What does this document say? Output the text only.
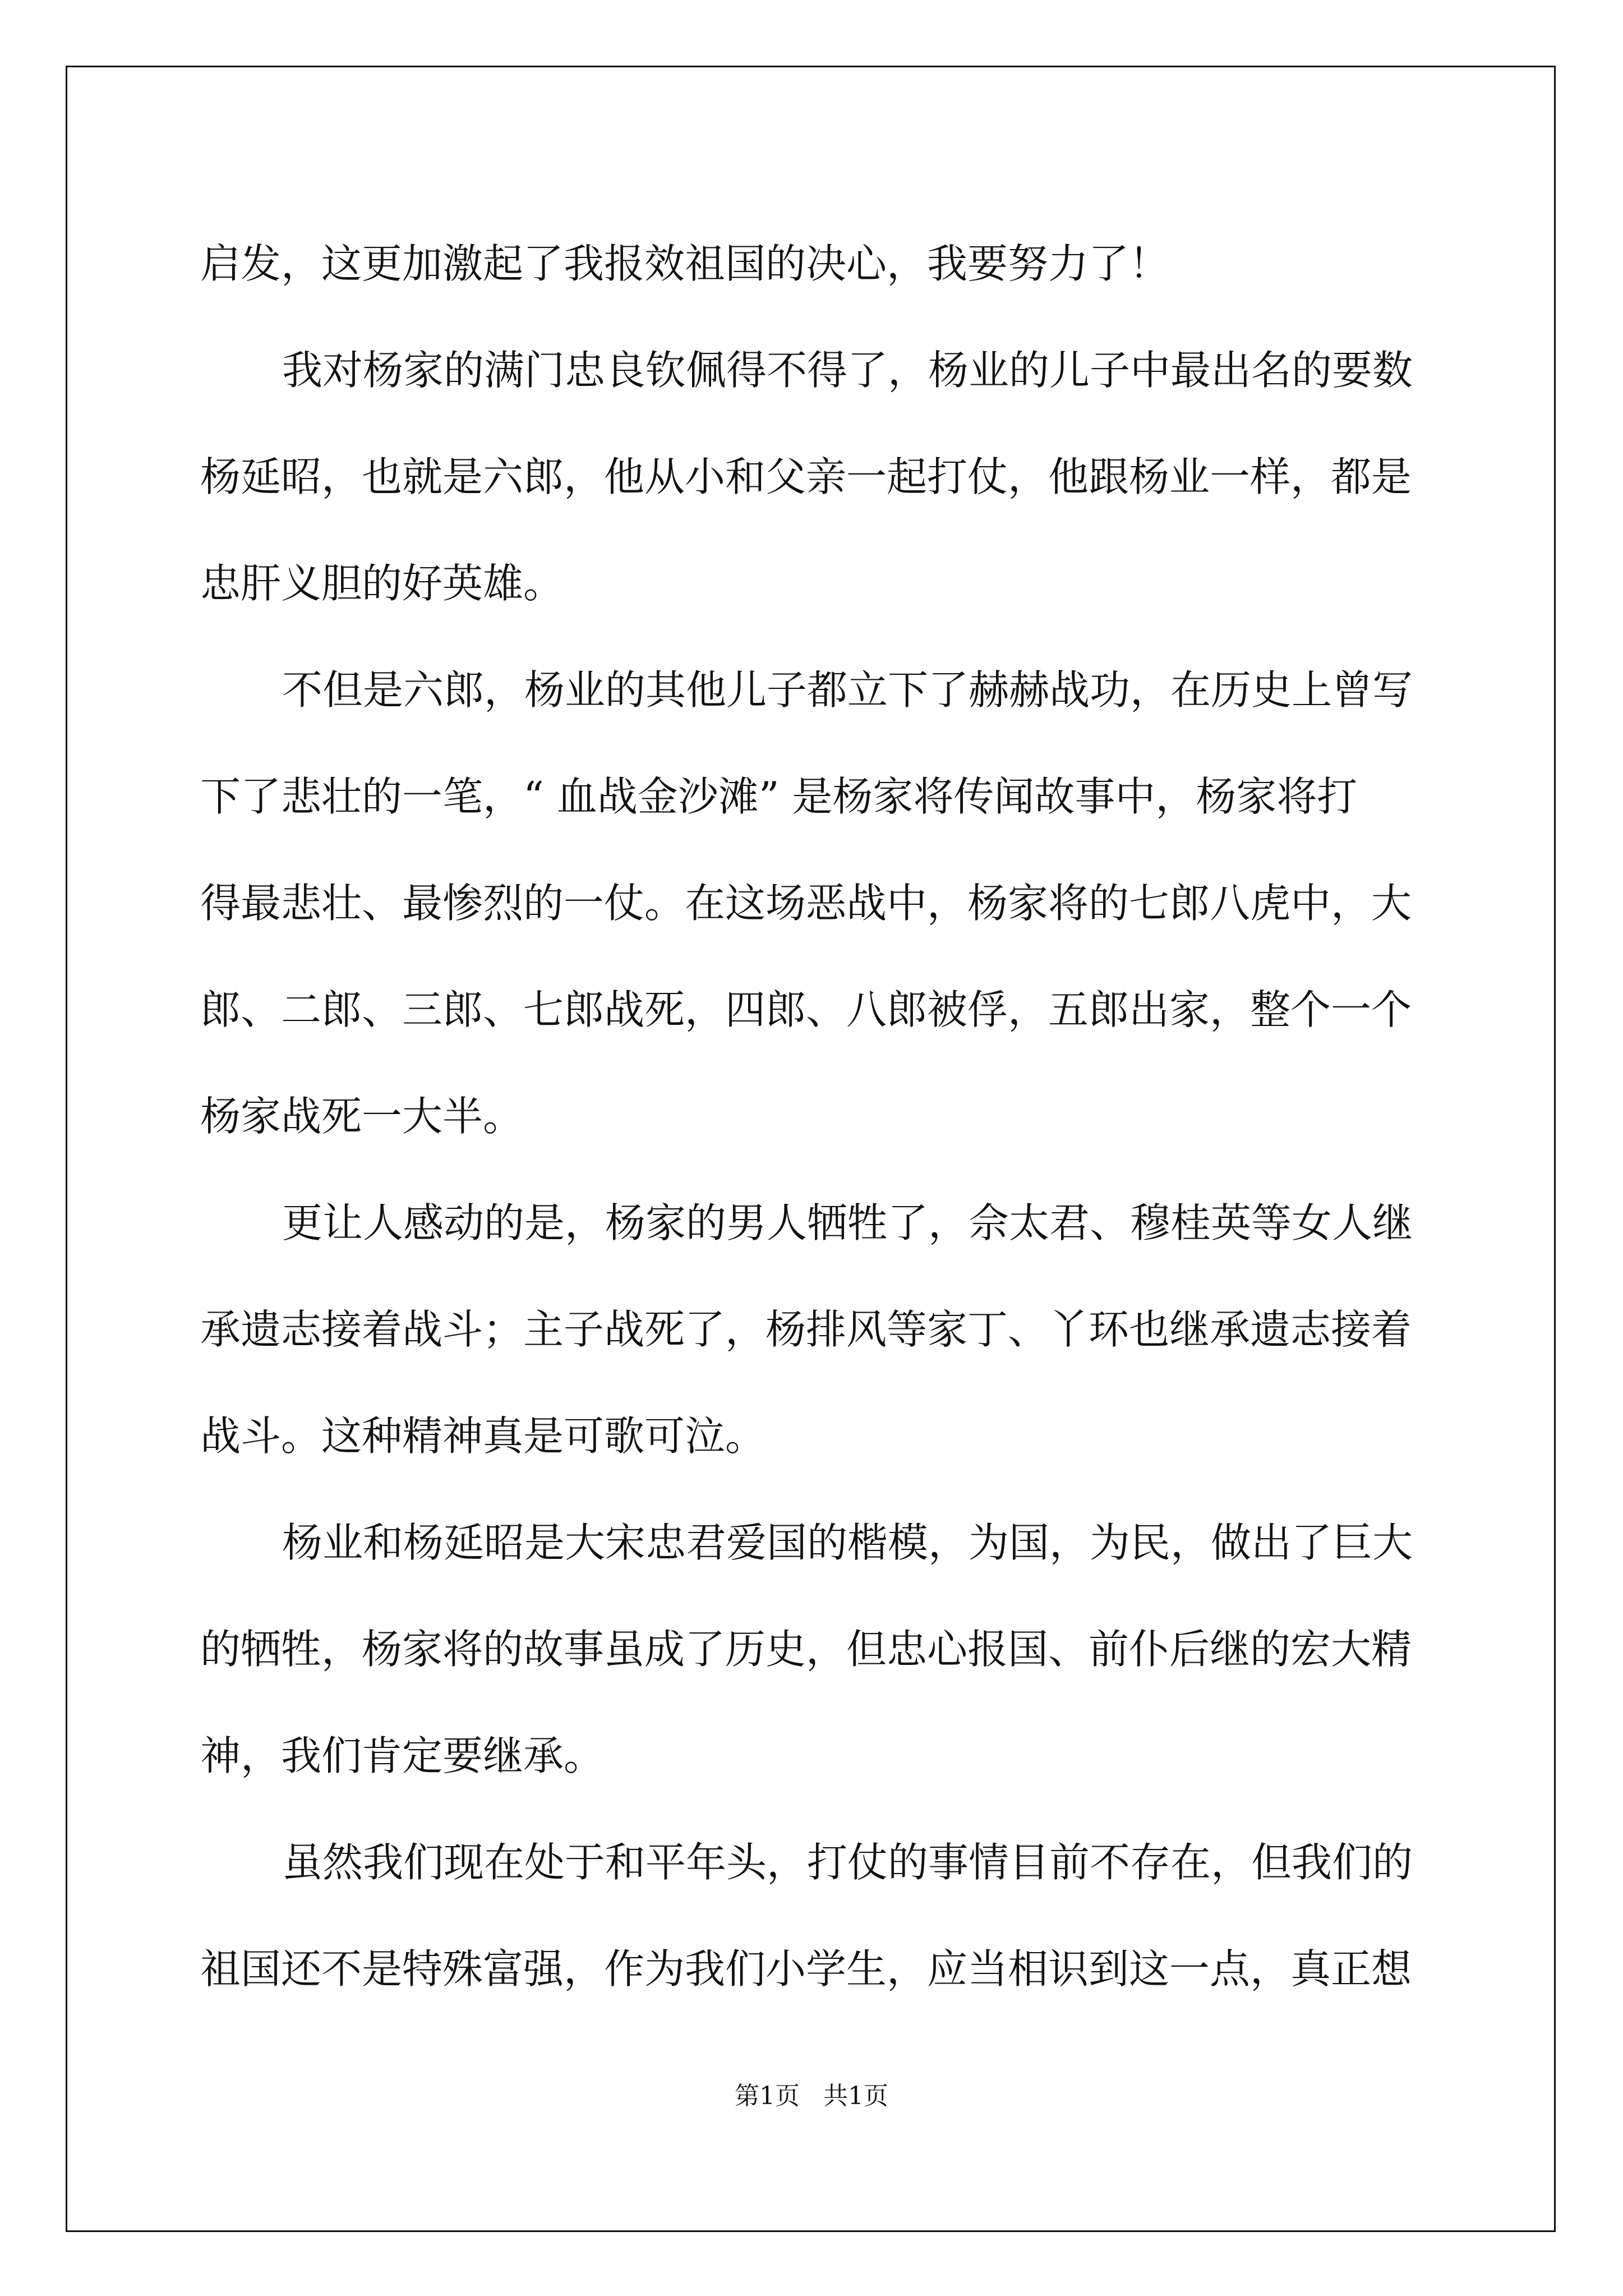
启发，这更加激起了我报效祖国的决心，我要努力了！
我对杨家的满门忠良钦佩得不得了，杨业的儿子中最出名的要数
杨延昭，也就是六郎，他从小和父亲一起打仗，他跟杨业一样，都是
忠肝义胆的好英雄。
不但是六郎，杨业的其他儿子都立下了赫赫战功，在历史上曾写
下了悲壮的一笔，“ 血战金沙滩” 是杨家将传闻故事中，杨家将打
得最悲壮、最惨烈的一仗。在这场恶战中，杨家将的七郎八虎中，大
郎、二郎、三郎、七郎战死，四郎、八郎被俘，五郎出家，整个一个
杨家战死一大半。
更让人感动的是，杨家的男人牺牲了，佘太君、穆桂英等女人继
承遗志接着战斗；主子战死了，杨排风等家丁、丫环也继承遗志接着
战斗。这种精神真是可歌可泣。
杨业和杨延昭是大宋忠君爱国的楷模，为国，为民，做出了巨大
的牺牲，杨家将的故事虽成了历史，但忠心报国、前仆后继的宏大精
神，我们肯定要继承。
虽然我们现在处于和平年头，打仗的事情目前不存在，但我们的
祖国还不是特殊富强，作为我们小学生，应当相识到这一点，真正想
第1页   共1页
